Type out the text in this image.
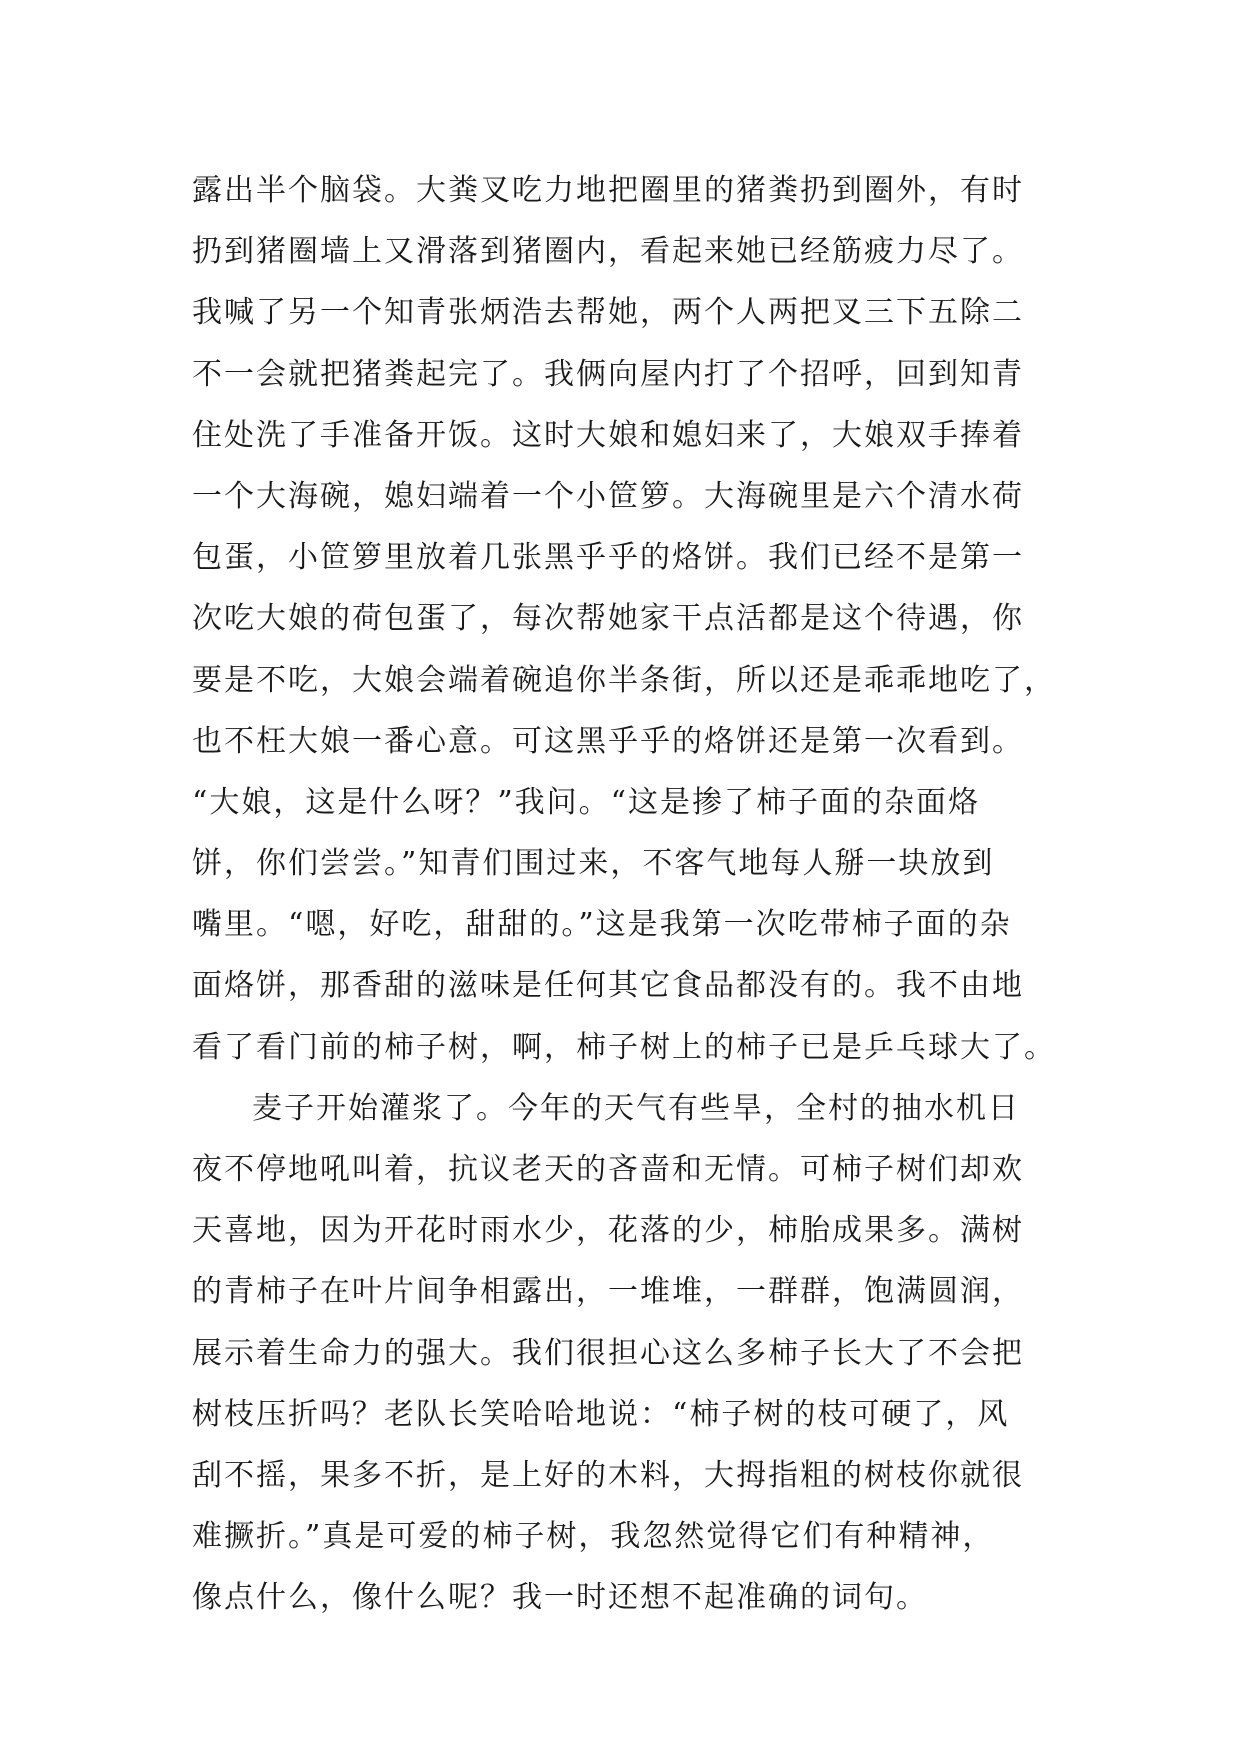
露出半个脑袋。大粪叉吃力地把圈里的猪粪扔到圈外，有时
扔到猪圈墙上又滑落到猪圈内，看起来她已经筋疲力尽了。
我喊了另一个知青张炳浩去帮她，两个人两把叉三下五除二
不一会就把猪粪起完了。我俩向屋内打了个招呼，回到知青
住处洗了手准备开饭。这时大娘和媳妇来了，大娘双手捧着
一个大海碗，媳妇端着一个小笸箩。大海碗里是六个清水荷
包蛋，小笸箩里放着几张黑乎乎的烙饼。我们已经不是第一
次吃大娘的荷包蛋了，每次帮她家干点活都是这个待遇，你
要是不吃，大娘会端着碗追你半条街，所以还是乖乖地吃了，
也不枉大娘一番心意。可这黑乎乎的烙饼还是第一次看到。
“大娘，这是什么呀？”我问。“这是掺了柿子面的杂面烙
饼，你们尝尝。”知青们围过来，不客气地每人掰一块放到
嘴里。“嗯，好吃，甜甜的。”这是我第一次吃带柿子面的杂
面烙饼，那香甜的滋味是任何其它食品都没有的。我不由地
看了看门前的柿子树，啊，柿子树上的柿子已是乒乓球大了。
麦子开始灌浆了。今年的天气有些旱，全村的抽水机日
夜不停地吼叫着，抗议老天的吝啬和无情。可柿子树们却欢
天喜地，因为开花时雨水少，花落的少，柿胎成果多。满树
的青柿子在叶片间争相露出，一堆堆，一群群，饱满圆润，
展示着生命力的强大。我们很担心这么多柿子长大了不会把
树枝压折吗？老队长笑哈哈地说：“柿子树的枝可硬了，风
刮不摇，果多不折，是上好的木料，大拇指粗的树枝你就很
难撅折。”真是可爱的柿子树，我忽然觉得它们有种精神，
像点什么，像什么呢？我一时还想不起准确的词句。
